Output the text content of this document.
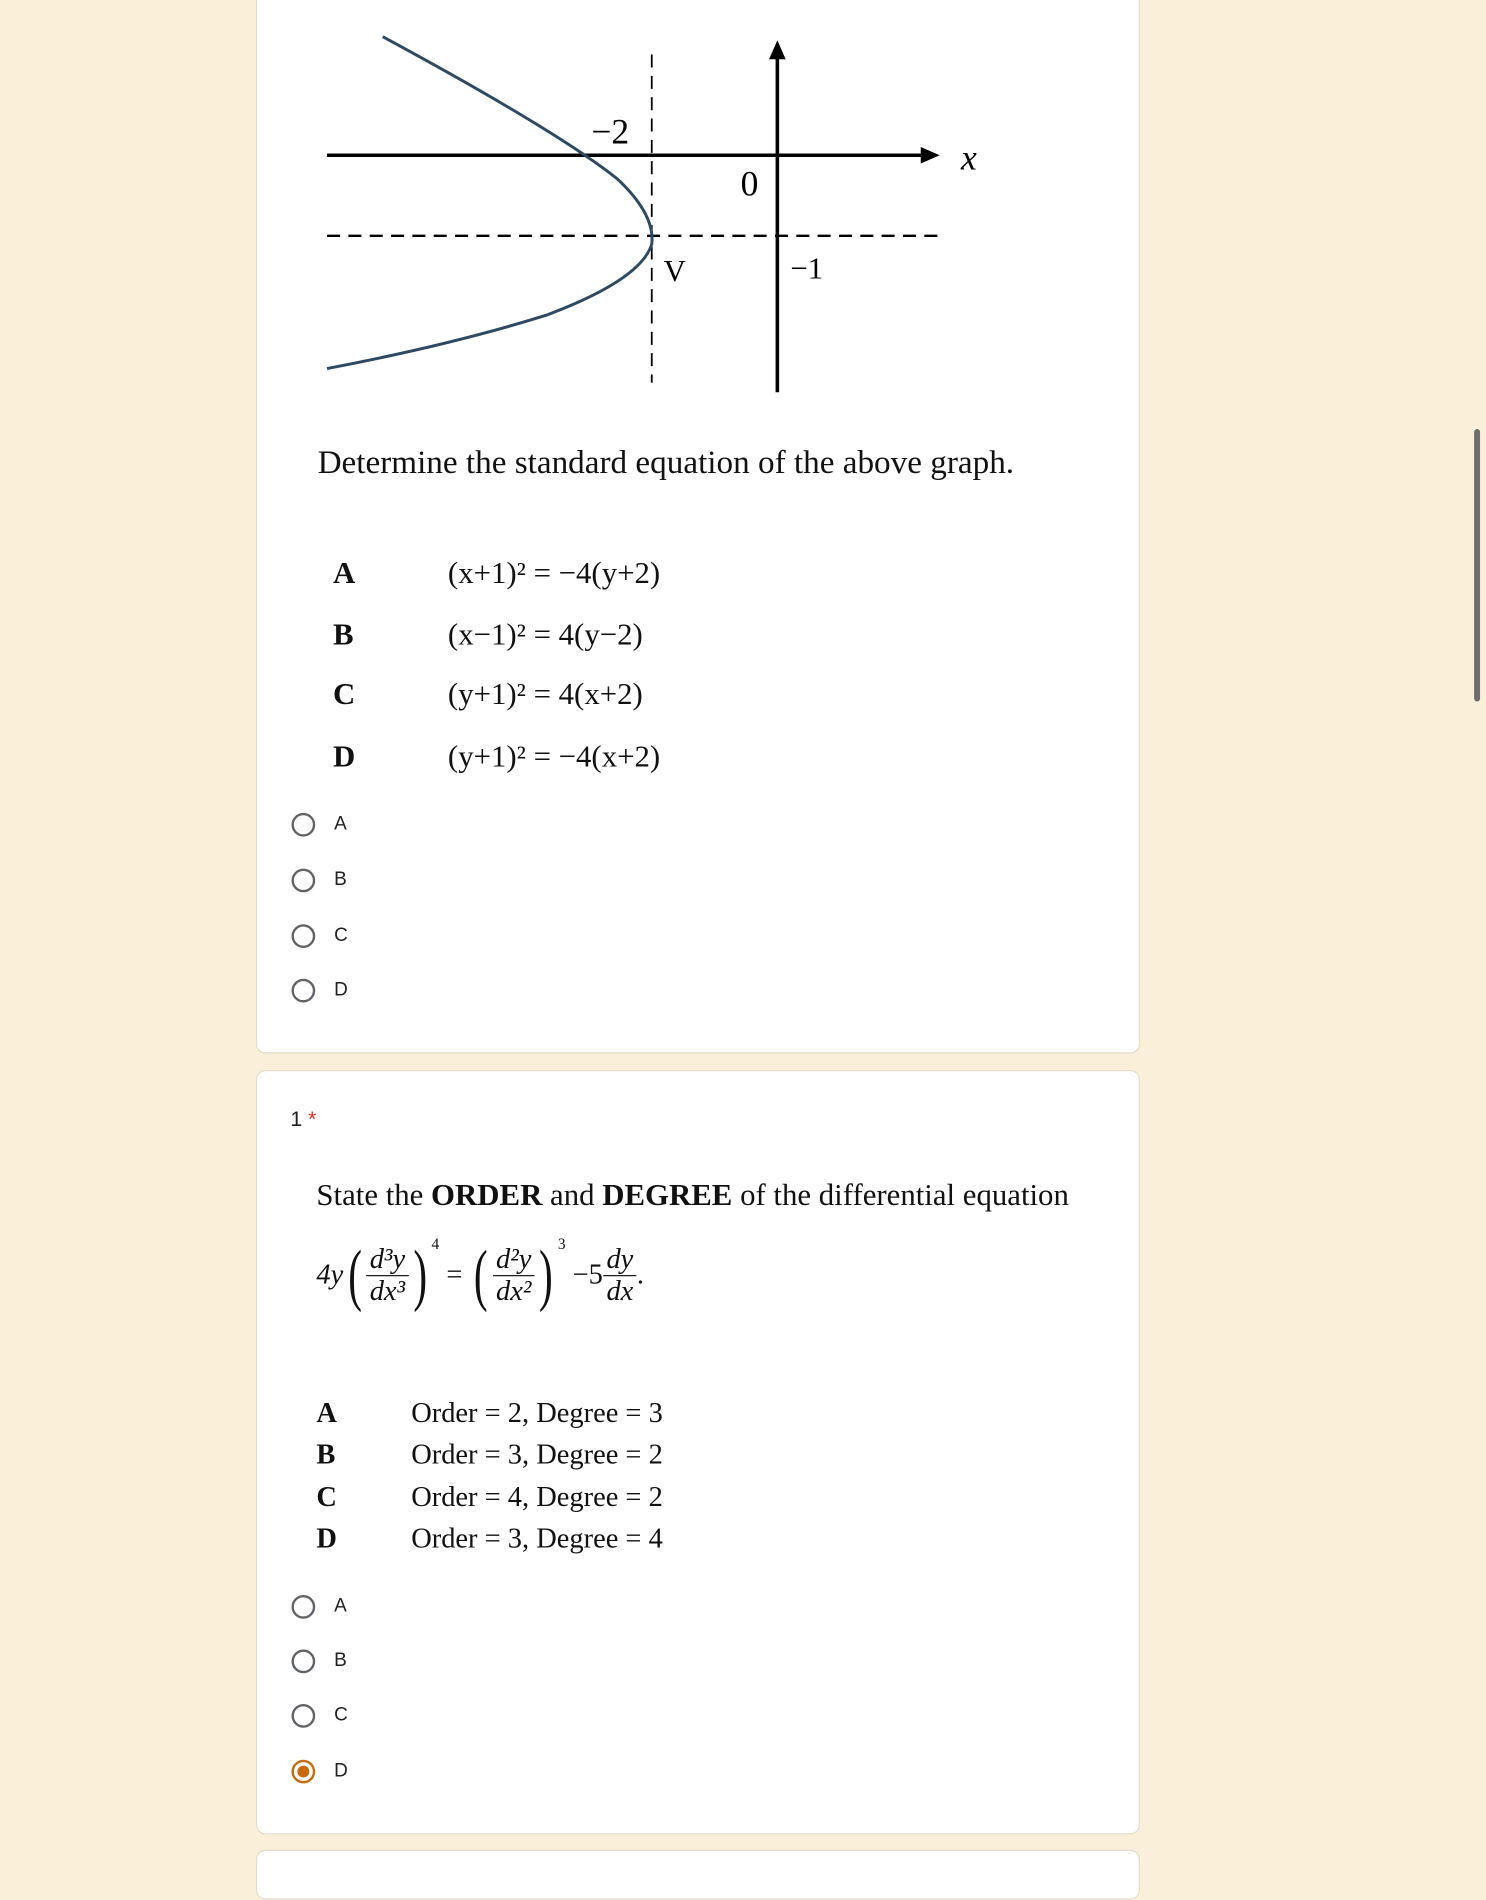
−2
0
x
V	−1
Determine the standard equation of the above graph.
A	(x+1)² = −4(y+2)
B	(x−1)² = 4(y−2)
C	(y+1)² = 4(x+2)
D	(y+1)² = −4(x+2)
A
B
C
D
1 *
State the ORDER and DEGREE of the differential equation
$4y( \frac{\text{d³y}}{\text{dx³}}$ ) $^4$ = ( $\frac{\text{d²y}}{\text{dx²}}$ ) $^3 -5 \frac{dy}{dx}$ .
A	Order = 2, Degree = 3
B	Order = 3, Degree = 2
C	Order = 4, Degree = 2
D	Order = 3, Degree = 4
A
B
C
D
